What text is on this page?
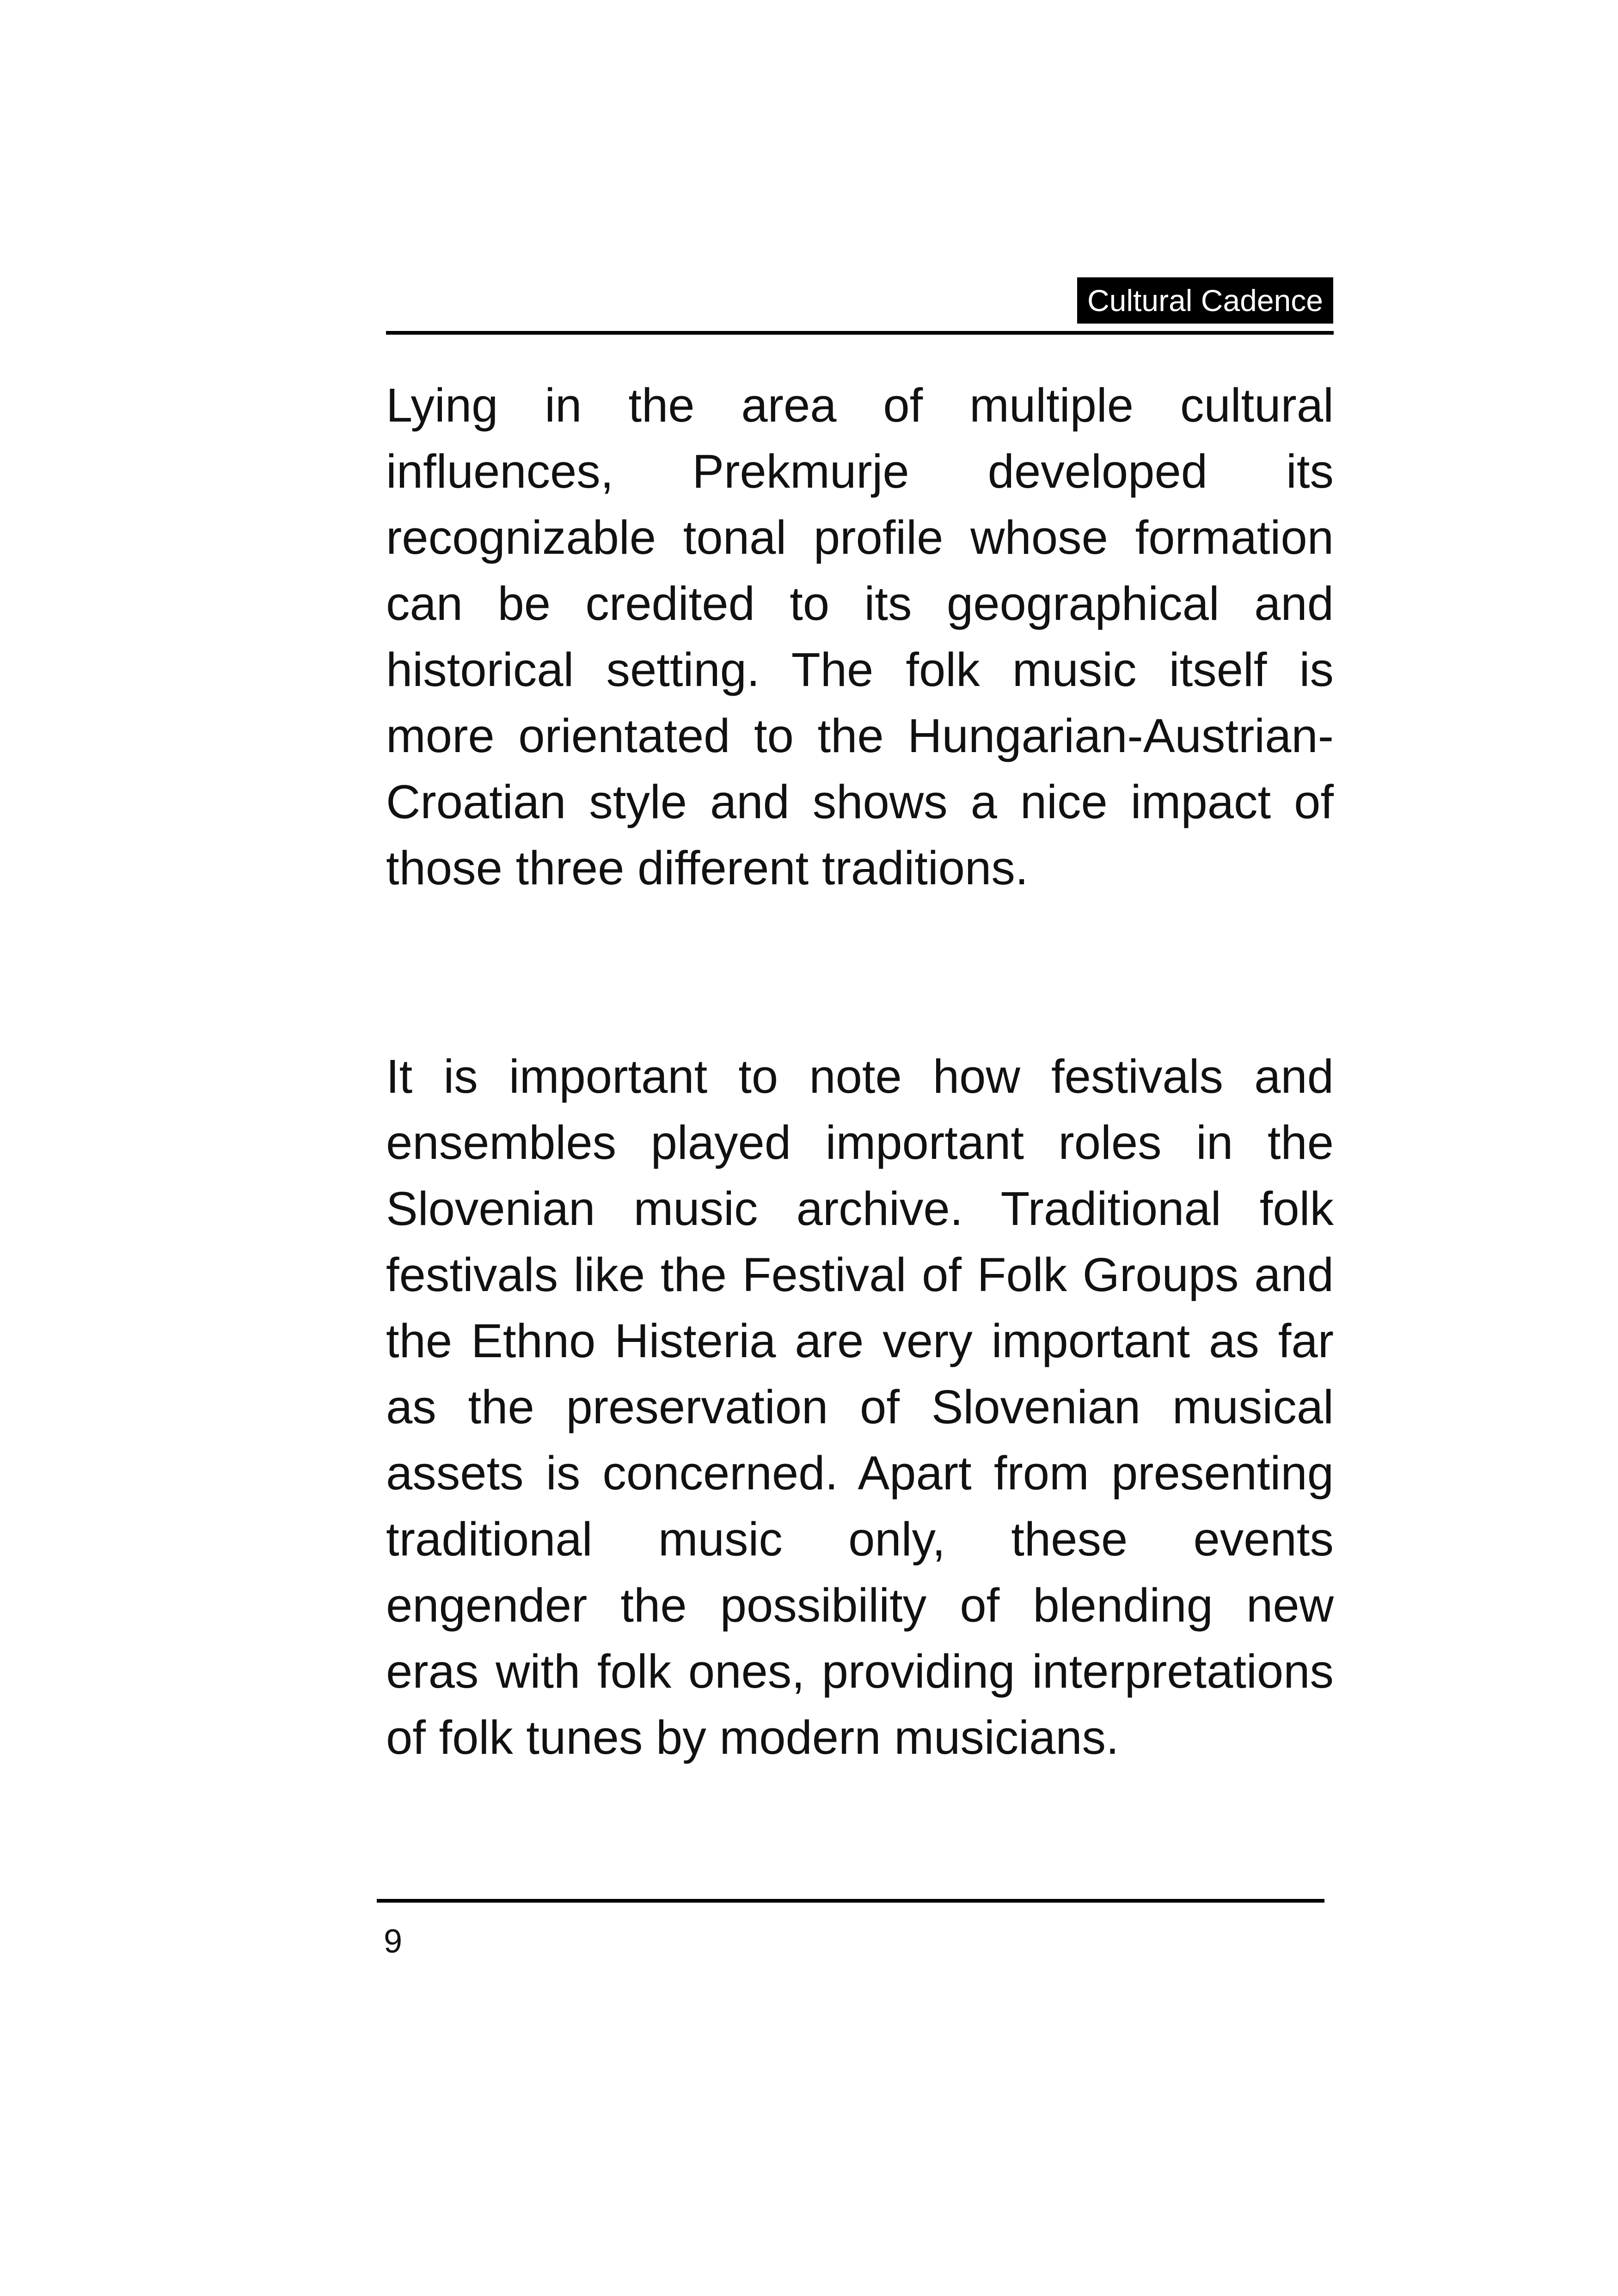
Cultural Cadence

Lying in the area of multiple cultural influences, Prekmurje developed its recognizable tonal profile whose formation can be credited to its geographical and historical setting. The folk music itself is more orientated to the Hungarian-Austrian-Croatian style and shows a nice impact of those three different traditions.

It is important to note how festivals and ensembles played important roles in the Slovenian music archive. Traditional folk festivals like the Festival of Folk Groups and the Ethno Histeria are very important as far as the preservation of Slovenian musical assets is concerned. Apart from presenting traditional music only, these events engender the possibility of blending new eras with folk ones, providing interpretations of folk tunes by modern musicians.

9
